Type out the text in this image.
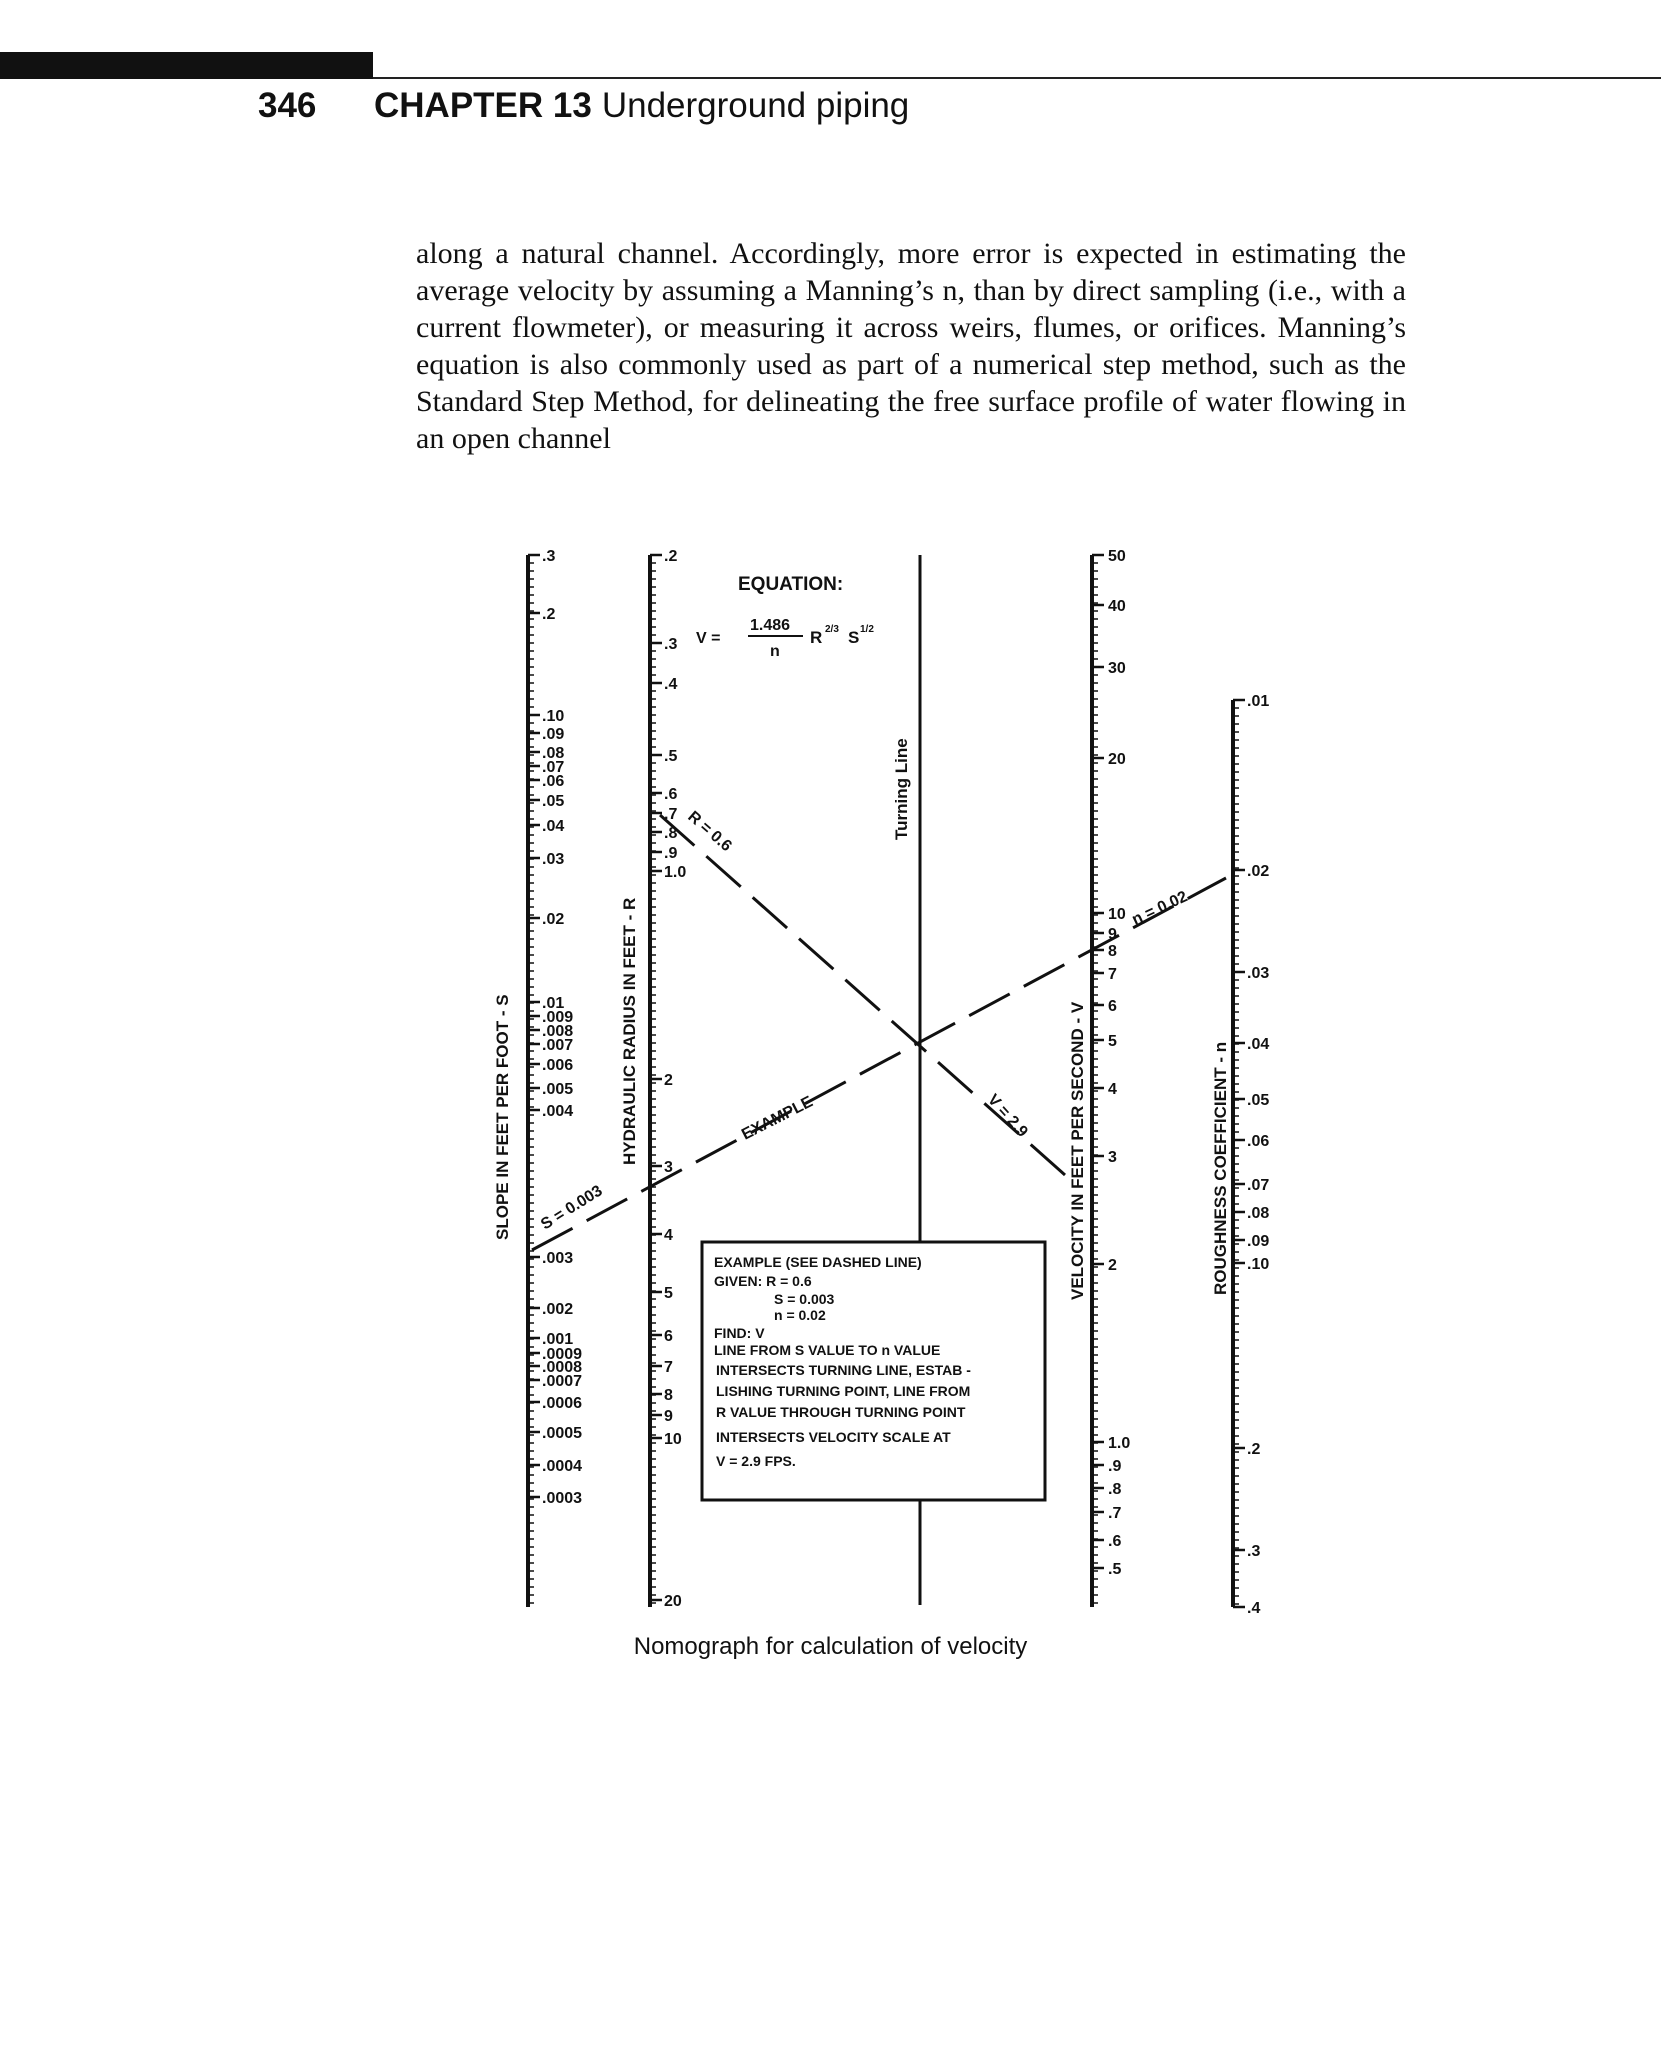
346 CHAPTER 13 Underground piping

along a natural channel. Accordingly, more error is expected in estimating the average velocity by assuming a Manning’s n, than by direct sampling (i.e., with a current flowmeter), or measuring it across weirs, flumes, or orifices. Manning’s equation is also commonly used as part of a numerical step method, such as the Standard Step Method, for delineating the free surface profile of water flowing in an open channel

EQUATION:
V =
1.486
n
R 2/3 S 1/2
Turning Line
EXAMPLE
S = 0.003
R = 0.6
n = 0.02
V = 2.9
SLOPE IN FEET PER FOOT - S	HYDRAULIC RADIUS IN FEET - R	VELOCITY IN FEET PER SECOND - V	ROUGHNESS COEFFICIENT - n
EXAMPLE (SEE DASHED LINE)
GIVEN: R = 0.6
S = 0.003
n = 0.02
FIND: V
LINE FROM S VALUE TO n VALUE
INTERSECTS TURNING LINE, ESTAB -
LISHING TURNING POINT, LINE FROM
R VALUE THROUGH TURNING POINT
INTERSECTS VELOCITY SCALE AT
V = 2.9 FPS.
.3
.2
.10
.09
.08
.07
.06
.05
.04
.03
.02
.01
.009
.008
.007
.006
.005
.004
.003
.002
.001
.0009
.0008
.0007
.0006
.0005
.0004
.0003
.2
.3
.4
.5
.6
.7
.8
.9
1.0
2
3
4
5
6
7
8
9
10
20
50
40
30
20
10
9
8
7
6
5
4
3
2
1.0
.9
.8
.7
.6
.5
.01
.02
.03
.04
.05
.06
.07
.08
.09
.10
.2
.3
.4
Nomograph for calculation of velocity
